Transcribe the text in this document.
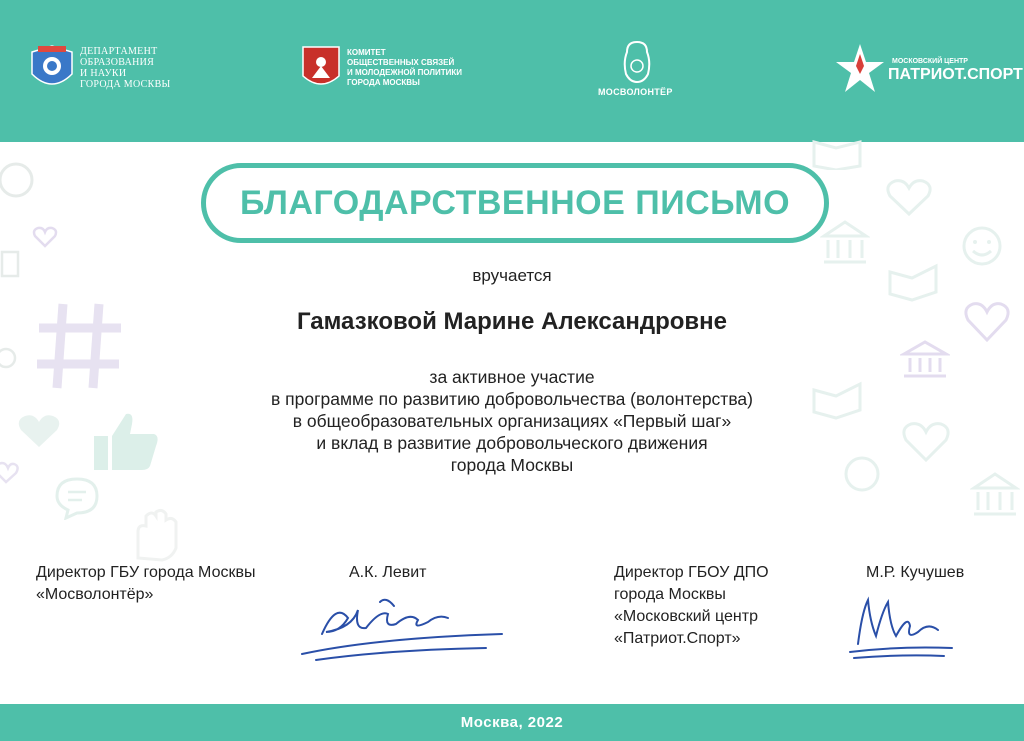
ДЕПАРТАМЕНТ
ОБРАЗОВАНИЯ
И НАУКИ
ГОРОДА МОСКВЫ
КОМИТЕТ
ОБЩЕСТВЕННЫХ СВЯЗЕЙ
И МОЛОДЕЖНОЙ ПОЛИТИКИ
ГОРОДА МОСКВЫ
МОСВОЛОНТЁР
МОСКОВСКИЙ ЦЕНТР
ПАТРИОТ.СПОРТ
БЛАГОДАРСТВЕННОЕ ПИСЬМО
вручается
Гамазковой Марине Александровне
за активное участие
в программе по развитию добровольчества (волонтерства)
в общеобразовательных организациях «Первый шаг»
и вклад в развитие добровольческого движения
города Москвы
Директор ГБУ города Москвы
«Мосволонтёр»
А.К. Левит	Директор ГБОУ ДПО
города Москвы
«Московский центр
«Патриот.Спорт»
М.Р. Кучушев
Москва, 2022
